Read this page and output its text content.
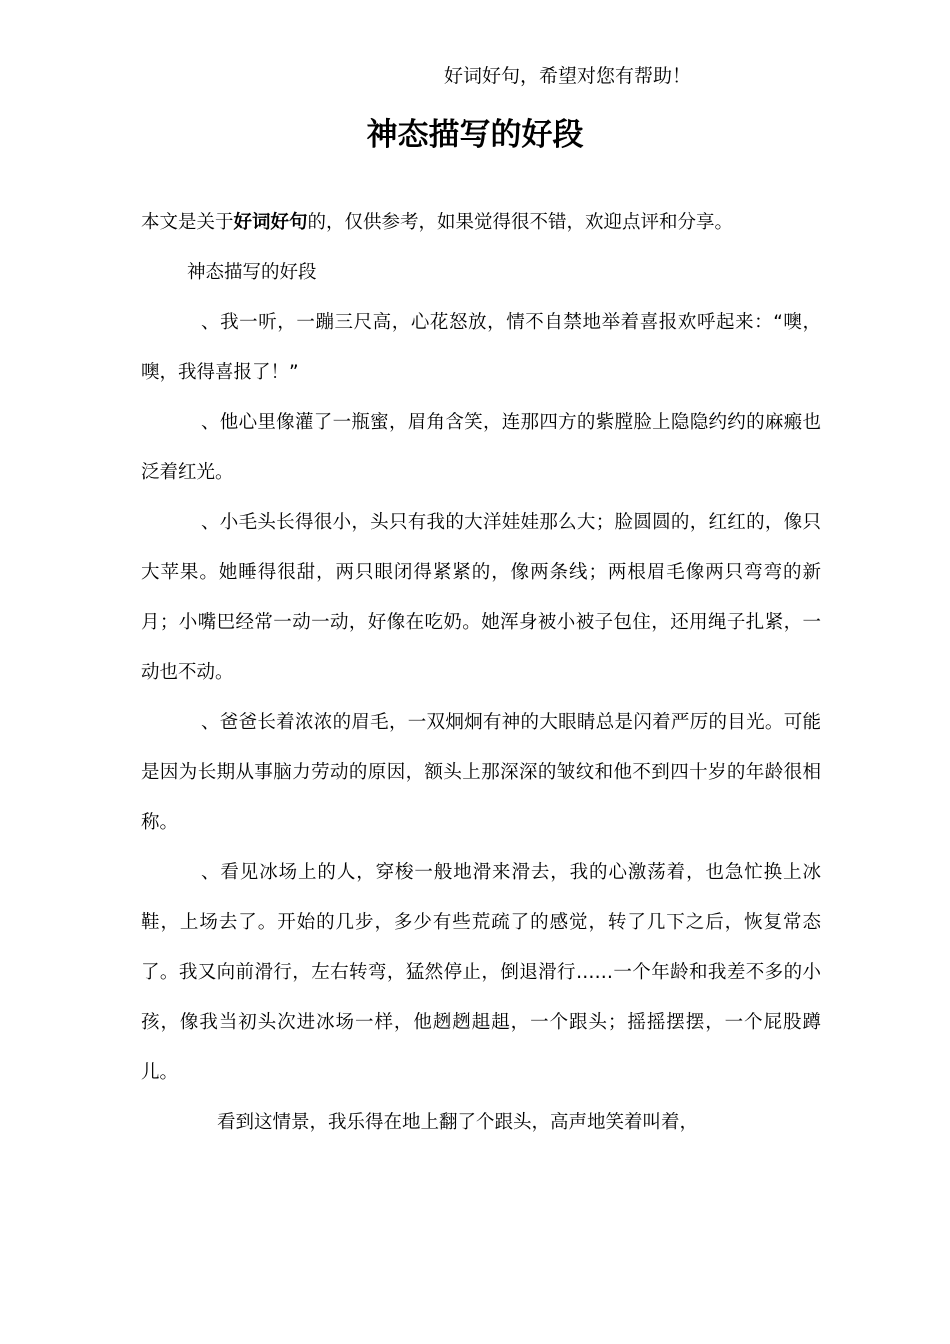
好词好句，希望对您有帮助！
神态描写的好段

本文是关于好词好句的，仅供参考，如果觉得很不错，欢迎点评和分享。

神态描写的好段

、我一听，一蹦三尺高，心花怒放，情不自禁地举着喜报欢呼起来：“噢，噢，我得喜报了！”

、他心里像灌了一瓶蜜，眉角含笑，连那四方的紫膛脸上隐隐约约的麻瘢也泛着红光。

、小毛头长得很小，头只有我的大洋娃娃那么大；脸圆圆的，红红的，像只大苹果。她睡得很甜，两只眼闭得紧紧的，像两条线；两根眉毛像两只弯弯的新月；小嘴巴经常一动一动，好像在吃奶。她浑身被小被子包住，还用绳子扎紧，一动也不动。

、爸爸长着浓浓的眉毛，一双炯炯有神的大眼睛总是闪着严厉的目光。可能是因为长期从事脑力劳动的原因，额头上那深深的皱纹和他不到四十岁的年龄很相称。

、看见冰场上的人，穿梭一般地滑来滑去，我的心激荡着，也急忙换上冰鞋，上场去了。开始的几步，多少有些荒疏了的感觉，转了几下之后，恢复常态了。我又向前滑行，左右转弯，猛然停止，倒退滑行……一个年龄和我差不多的小孩，像我当初头次进冰场一样，他趔趔趄趄，一个跟头；摇摇摆摆，一个屁股蹲儿。

看到这情景，我乐得在地上翻了个跟头，高声地笑着叫着，
